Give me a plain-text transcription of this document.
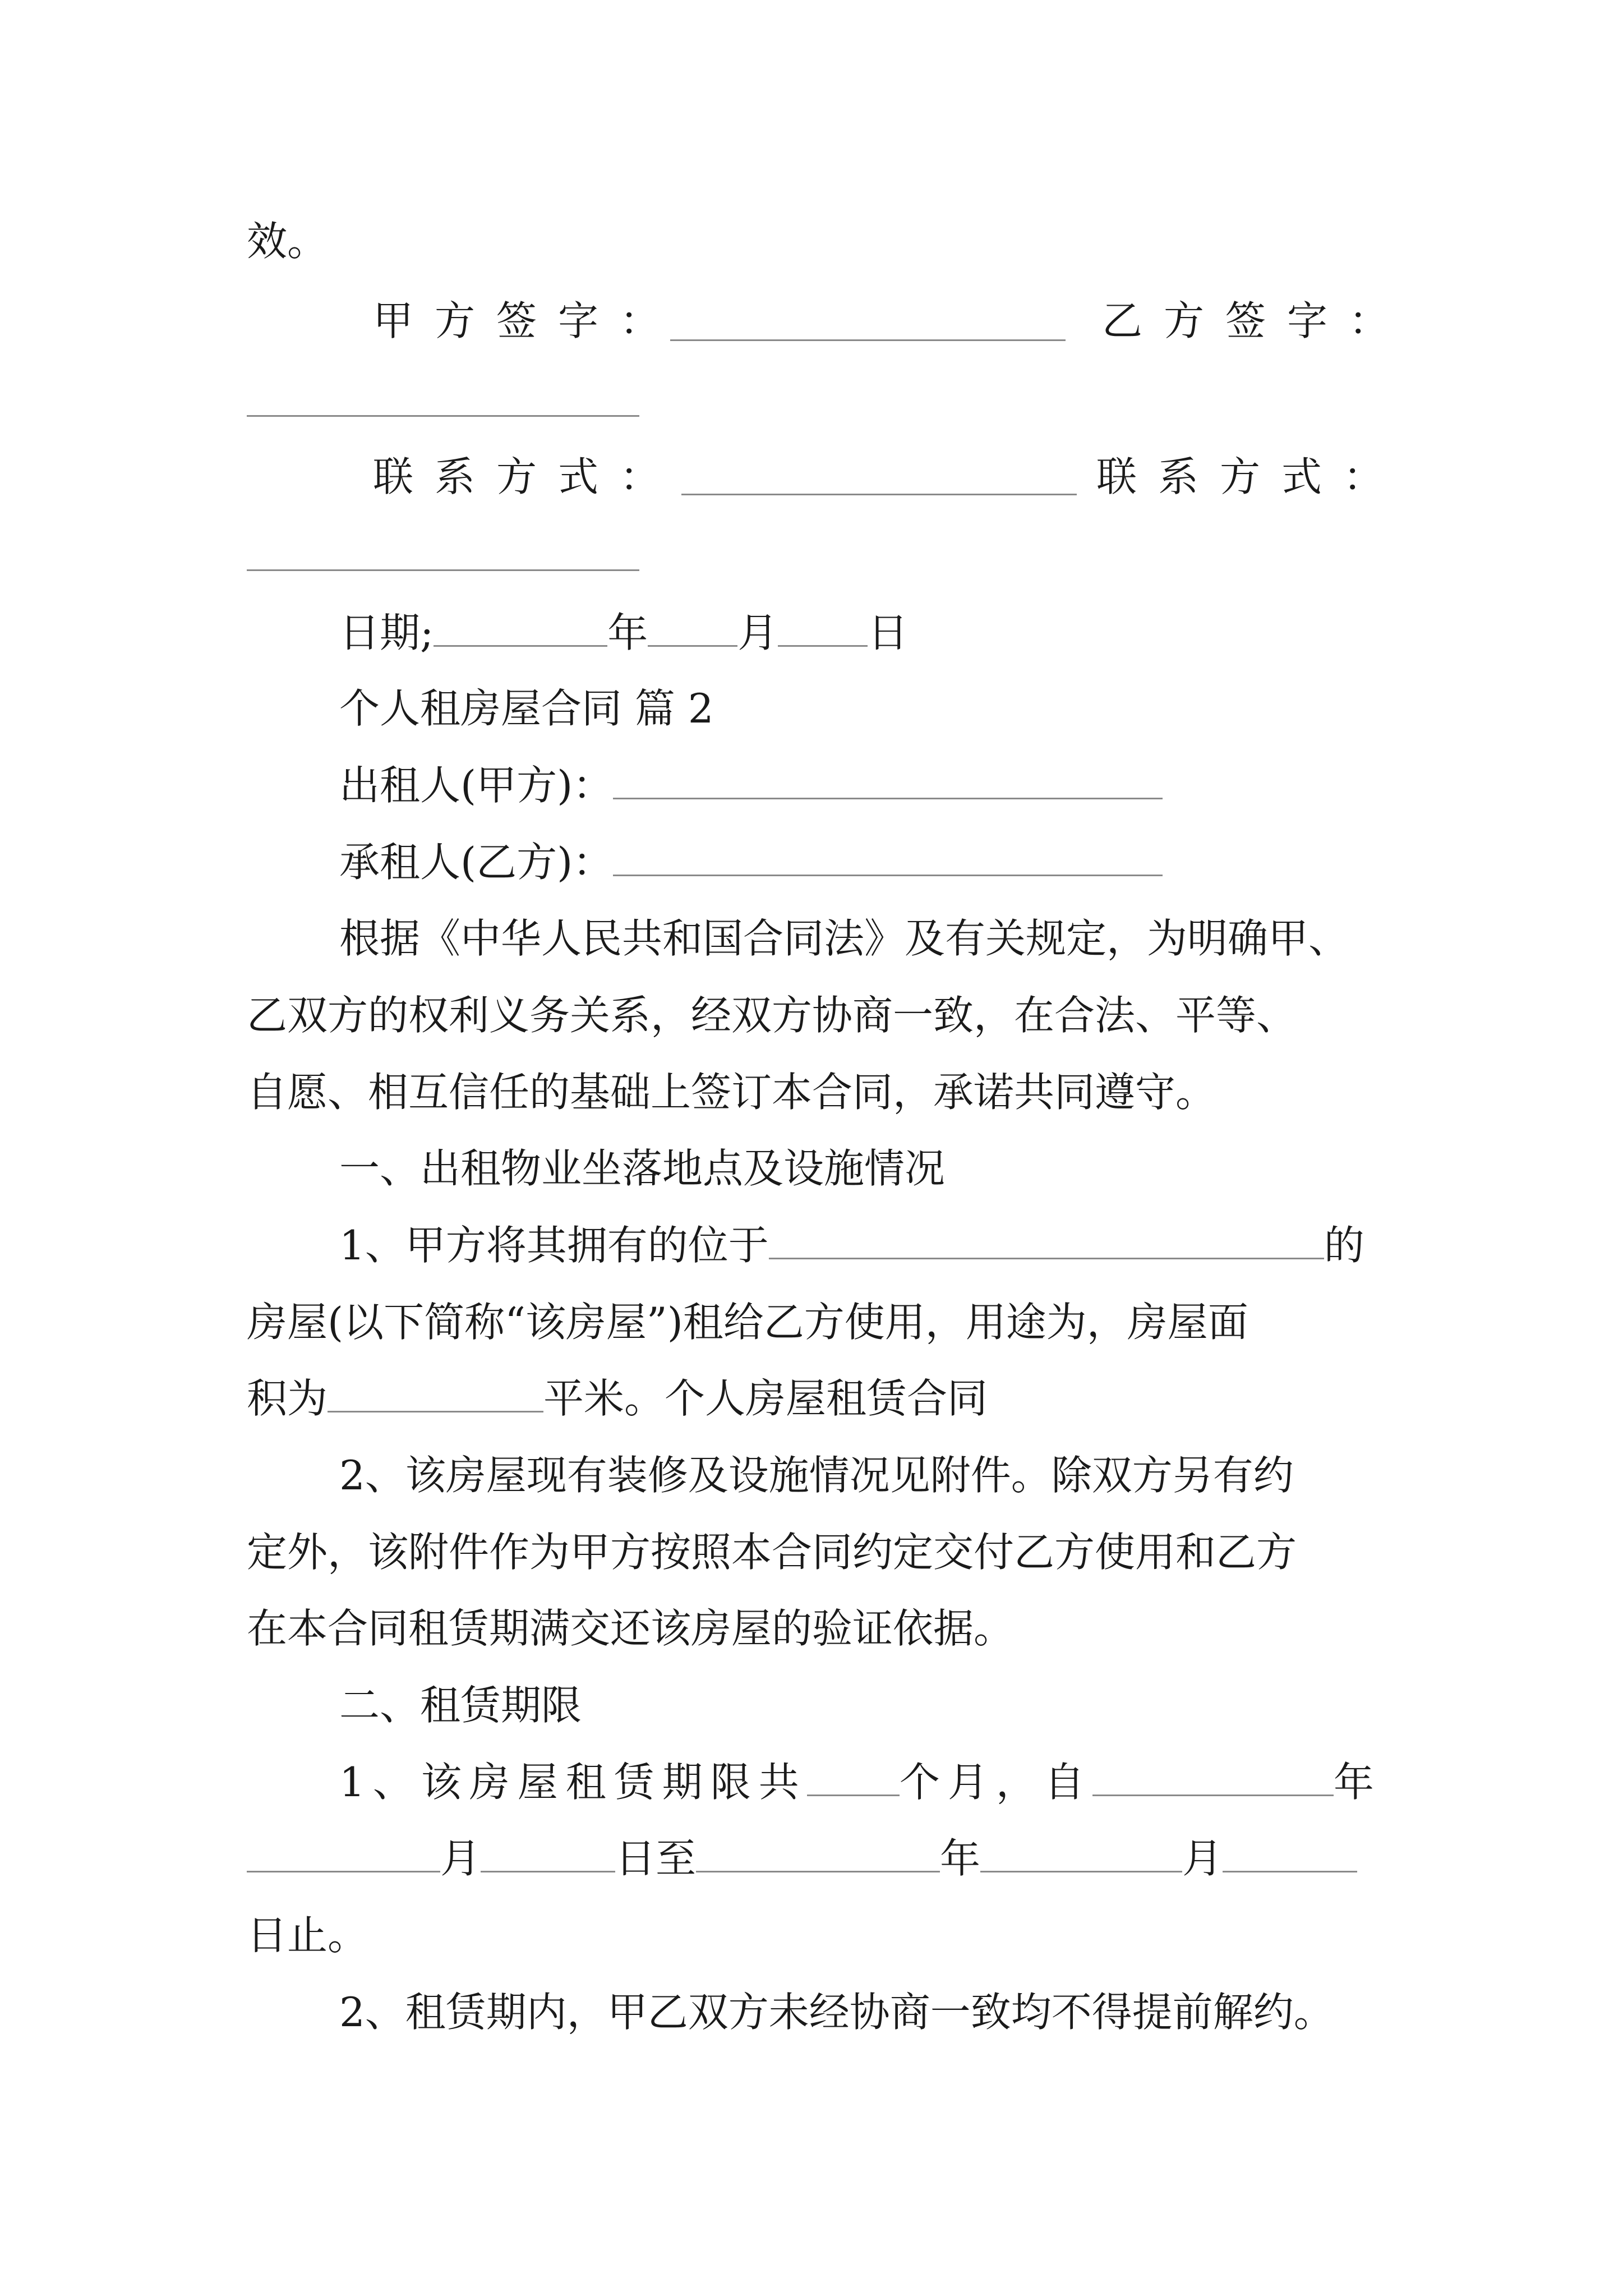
效。
甲方签字：	乙方签字：
联系方式：	联系方式：
日期;	年 月 日
个人租房屋合同 篇 2
出租人(甲方)：
承租人(乙方)：
根据《中华人民共和国合同法》及有关规定，为明确甲、
乙双方的权利义务关系，经双方协商一致，在合法、平等、
自愿、相互信任的基础上签订本合同，承诺共同遵守。
一、出租物业坐落地点及设施情况
1、甲方将其拥有的位于	的
房屋(以下简称“该房屋”)租给乙方使用，用途为，房屋面
积为	平米。个人房屋租赁合同
2、该房屋现有装修及设施情况见附件。除双方另有约
定外，该附件作为甲方按照本合同约定交付乙方使用和乙方
在本合同租赁期满交还该房屋的验证依据。
二、租赁期限
1、该房屋租赁期限共 个月，自	年
月	日至	年	月
日止。
2、租赁期内，甲乙双方未经协商一致均不得提前解约。
